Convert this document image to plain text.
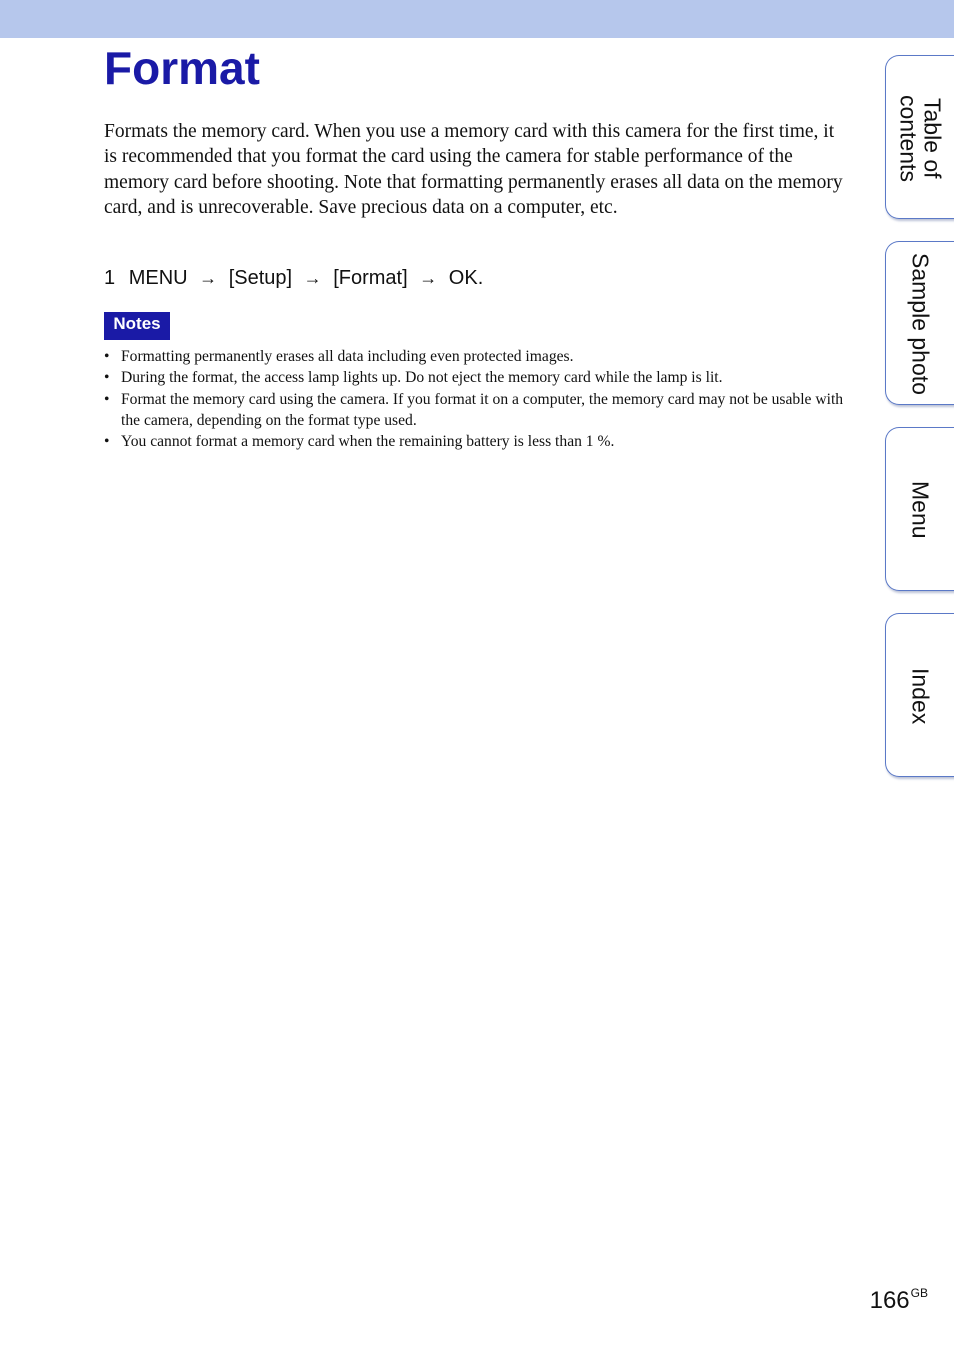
Format

Formats the memory card. When you use a memory card with this camera for the first time, it is recommended that you format the card using the camera for stable performance of the memory card before shooting. Note that formatting permanently erases all data on the memory card, and is unrecoverable. Save precious data on a computer, etc.

1 MENU → [Setup] → [Format] → OK.
Notes
• Formatting permanently erases all data including even protected images.
• During the format, the access lamp lights up. Do not eject the memory card while the lamp is lit.
• Format the memory card using the camera. If you format it on a computer, the memory card may not be usable with the camera, depending on the format type used.
• You cannot format a memory card when the remaining battery is less than 1 %.
Table of contents
Sample photo
Menu
Index
$166^{GB}$
